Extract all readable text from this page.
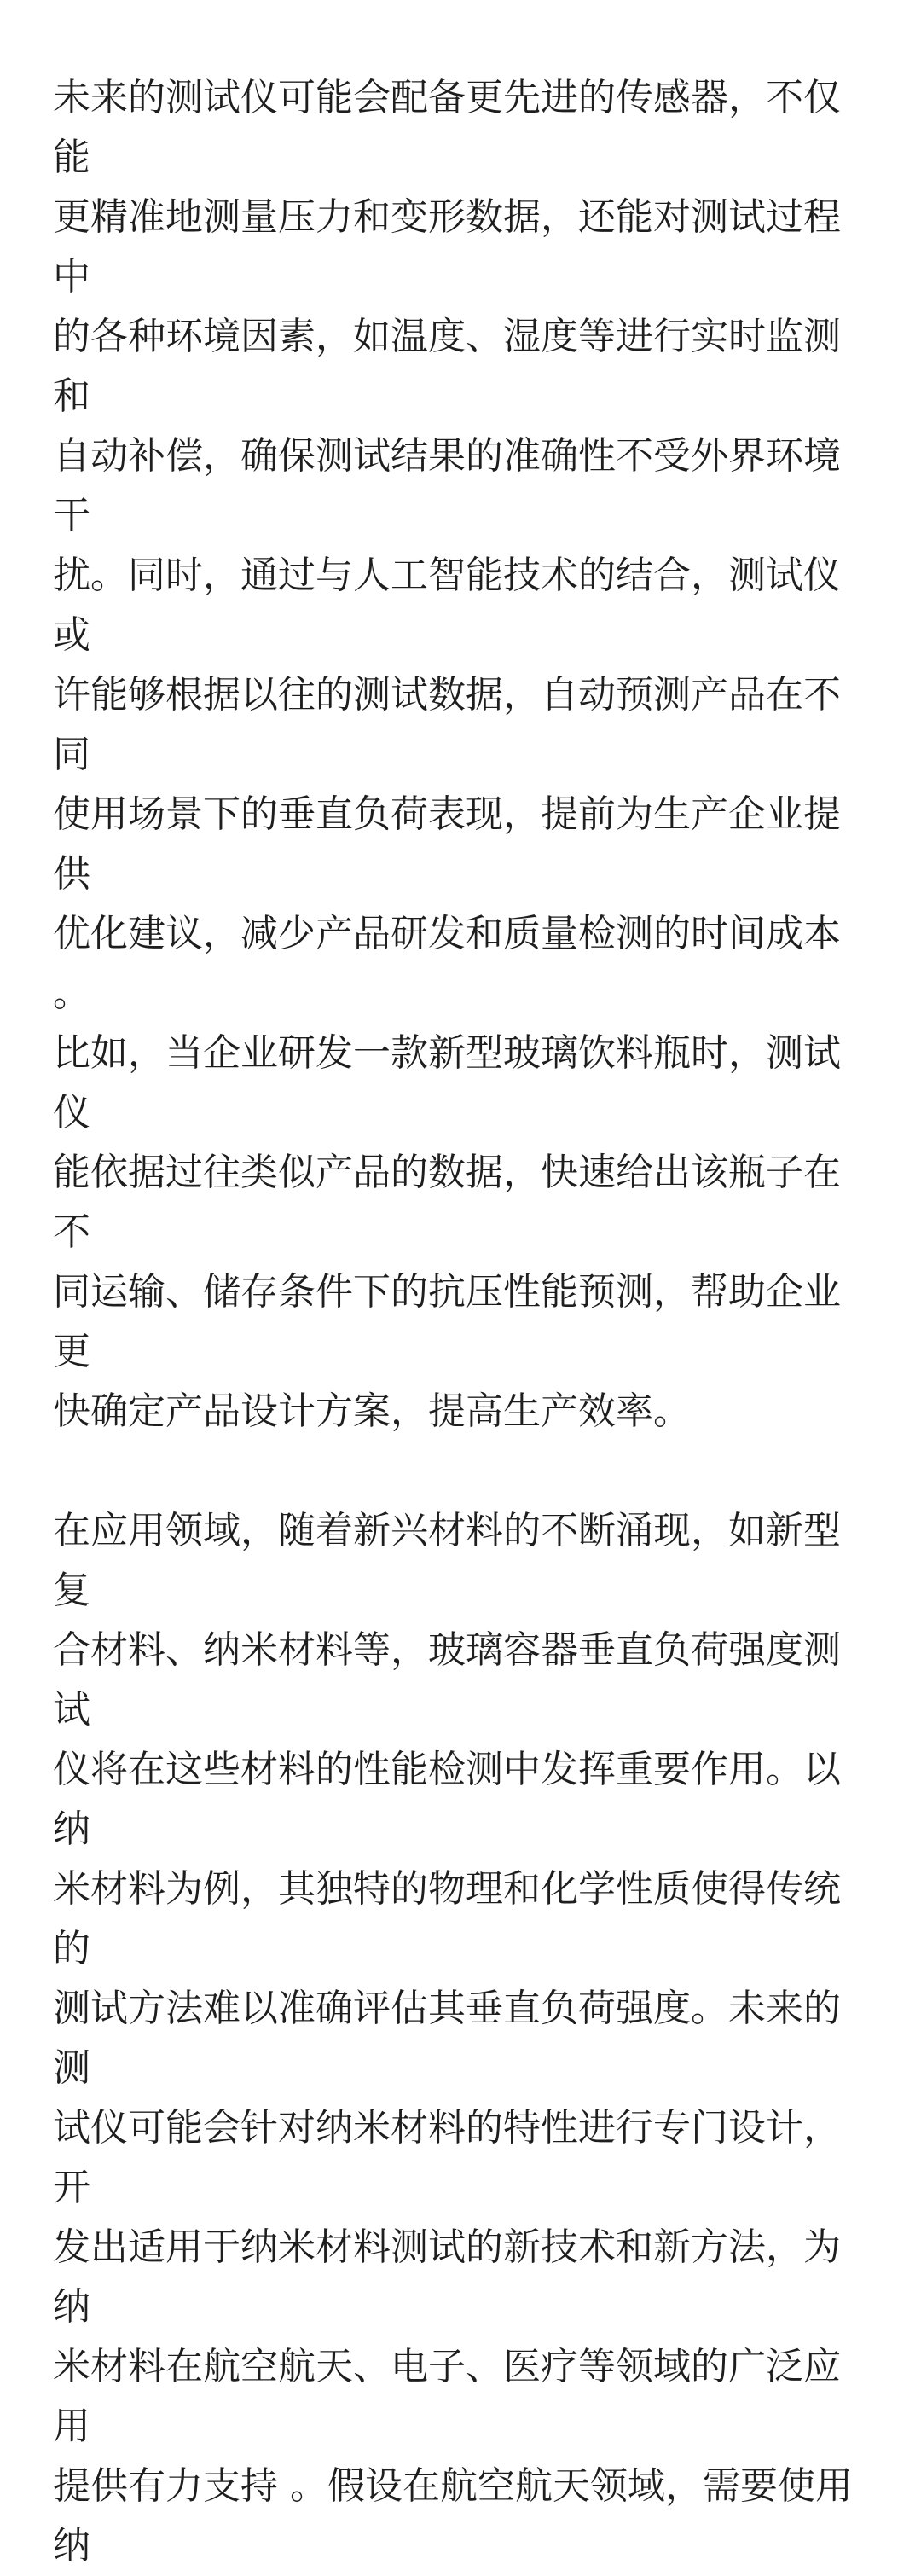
未来的测试仪可能会配备更先进的传感器，不仅能
更精准地测量压力和变形数据，还能对测试过程中
的各种环境因素，如温度、湿度等进行实时监测和
自动补偿，确保测试结果的准确性不受外界环境干
扰。同时，通过与人工智能技术的结合，测试仪或
许能够根据以往的测试数据，自动预测产品在不同
使用场景下的垂直负荷表现，提前为生产企业提供
优化建议，减少产品研发和质量检测的时间成本 。
比如，当企业研发一款新型玻璃饮料瓶时，测试仪
能依据过往类似产品的数据，快速给出该瓶子在不
同运输、储存条件下的抗压性能预测，帮助企业更
快确定产品设计方案，提高生产效率。

在应用领域，随着新兴材料的不断涌现，如新型复
合材料、纳米材料等，玻璃容器垂直负荷强度测试
仪将在这些材料的性能检测中发挥重要作用。以纳
米材料为例，其独特的物理和化学性质使得传统的
测试方法难以准确评估其垂直负荷强度。未来的测
试仪可能会针对纳米材料的特性进行专门设计，开
发出适用于纳米材料测试的新技术和新方法，为纳
米材料在航空航天、电子、医疗等领域的广泛应用
提供有力支持 。假设在航空航天领域，需要使用纳
